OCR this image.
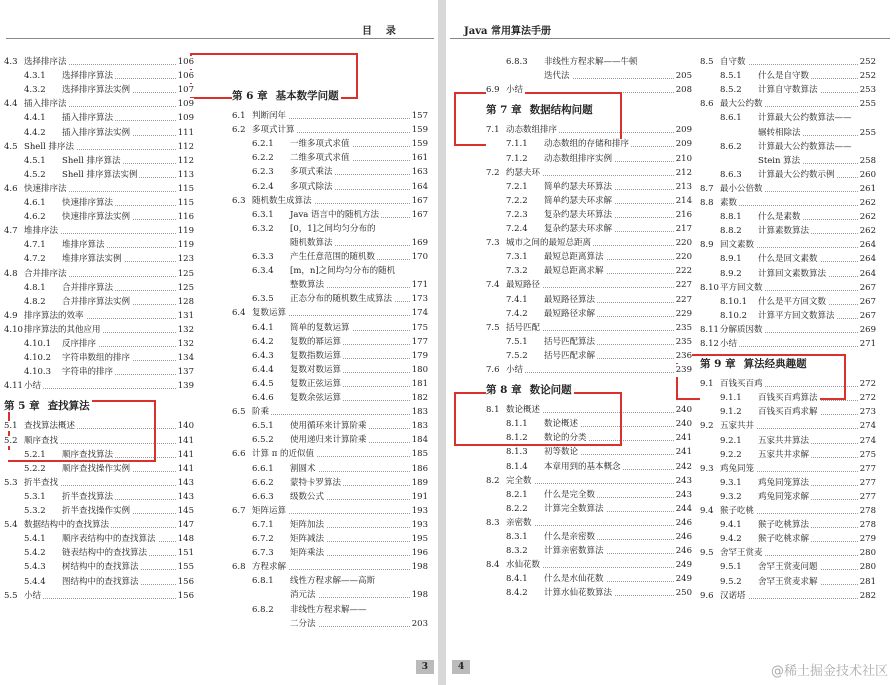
目    录
4.3 选择排序法	106
4.3.1 选择排序算法	106
4.3.2 选择排序算法实例	107
4.4 插入排序法	109
4.4.1 插入排序算法	109
4.4.2 插入排序算法实例	111
4.5 Shell 排序法	112
4.5.1 Shell 排序算法	112
4.5.2 Shell 排序算法实例	113
4.6 快速排序法	115
4.6.1 快速排序算法	115
4.6.2 快速排序算法实例	116
4.7 堆排序法	119
4.7.1 堆排序算法	119
4.7.2 堆排序算法实例	123
4.8 合并排序法	125
4.8.1 合并排序算法	125
4.8.2 合并排序算法实例	128
4.9 排序算法的效率	131
4.10排序算法的其他应用	132
4.10.1 反序排序	132
4.10.2 字符串数组的排序	134
4.10.3 字符串的排序	137
4.11小结	139
第 5 章 查找算法
5.1 查找算法概述	140
5.2 顺序查找	141
5.2.1 顺序查找算法	141
5.2.2 顺序查找操作实例	141
5.3 折半查找	143
5.3.1 折半查找算法	143
5.3.2 折半查找操作实例	145
5.4 数据结构中的查找算法	147
5.4.1 顺序表结构中的查找算法	148
5.4.2 链表结构中的查找算法	151
5.4.3 树结构中的查找算法	155
5.4.4 图结构中的查找算法	156
5.5 小结	156
第 6 章 基本数学问题
6.1 判断闰年	157
6.2 多项式计算	159
6.2.1 一维多项式求值	159
6.2.2 二维多项式求值	161
6.2.3 多项式乘法	163
6.2.4 多项式除法	164
6.3 随机数生成算法	167
6.3.1 Java 语言中的随机方法	167
6.3.2 [0，1]之间均匀分布的
随机数算法	169
6.3.3 产生任意范围的随机数	170
6.3.4 [m，n]之间均匀分布的随机
整数算法	171
6.3.5 正态分布的随机数生成算法 173
6.4 复数运算	174
6.4.1 简单的复数运算	175
6.4.2 复数的幂运算	177
6.4.3 复数指数运算	179
6.4.4 复数对数运算	180
6.4.5 复数正弦运算	181
6.4.6 复数余弦运算	182
6.5 阶乘	183
6.5.1 使用循环来计算阶乘	183
6.5.2 使用递归来计算阶乘	184
6.6 计算 π 的近似值	185
6.6.1 割圆术	186
6.6.2 蒙特卡罗算法	189
6.6.3 级数公式	191
6.7 矩阵运算	193
6.7.1 矩阵加法	193
6.7.2 矩阵减法	195
6.7.3 矩阵乘法	196
6.8 方程求解	198
6.8.1 线性方程求解——高斯
消元法	198
6.8.2 非线性方程求解——
二分法	203
3
Java 常用算法手册
6.8.3 非线性方程求解——牛顿
迭代法	205
6.9 小结	208
第 7 章 数据结构问题
7.1 动态数组排序	209
7.1.1 动态数组的存储和排序	209
7.1.2 动态数组排序实例	210
7.2 约瑟夫环	212
7.2.1 简单约瑟夫环算法	213
7.2.2 简单约瑟夫环求解	214
7.2.3 复杂约瑟夫环算法	216
7.2.4 复杂约瑟夫环求解	217
7.3 城市之间的最短总距离	220
7.3.1 最短总距离算法	220
7.3.2 最短总距离求解	222
7.4 最短路径	227
7.4.1 最短路径算法	227
7.4.2 最短路径求解	229
7.5 括号匹配	235
7.5.1 括号匹配算法	235
7.5.2 括号匹配求解	236
7.6 小结	239
第 8 章 数论问题
8.1 数论概述	240
8.1.1 数论概述	240
8.1.2 数论的分类	241
8.1.3 初等数论	241
8.1.4 本章用到的基本概念	242
8.2 完全数	243
8.2.1 什么是完全数	243
8.2.2 计算完全数算法	244
8.3 亲密数	246
8.3.1 什么是亲密数	246
8.3.2 计算亲密数算法	246
8.4 水仙花数	249
8.4.1 什么是水仙花数	249
8.4.2 计算水仙花数算法	250
8.5 自守数	252
8.5.1 什么是自守数	252
8.5.2 计算自守数算法	253
8.6 最大公约数	255
8.6.1 计算最大公约数算法——
辗转相除法	255
8.6.2 计算最大公约数算法——
Stein 算法	258
8.6.3 计算最大公约数示例	260
8.7 最小公倍数	261
8.8 素数	262
8.8.1 什么是素数	262
8.8.2 计算素数算法	262
8.9 回文素数	264
8.9.1 什么是回文素数	264
8.9.2 计算回文素数算法	264
8.10平方回文数	267
8.10.1 什么是平方回文数	267
8.10.2 计算平方回文数算法	267
8.11分解质因数	269
8.12小结	271
第 9 章 算法经典趣题
9.1 百钱买百鸡	272
9.1.1 百钱买百鸡算法	272
9.1.2 百钱买百鸡求解	273
9.2 五家共井	274
9.2.1 五家共井算法	274
9.2.2 五家共井求解	275
9.3 鸡兔同笼	277
9.3.1 鸡兔同笼算法	277
9.3.2 鸡兔同笼求解	277
9.4 猴子吃桃	278
9.4.1 猴子吃桃算法	278
9.4.2 猴子吃桃求解	279
9.5 舍罕王赏麦	280
9.5.1 舍罕王赏麦问题	280
9.5.2 舍罕王赏麦求解	281
9.6 汉诺塔	282
4	@稀土掘金技术社区
